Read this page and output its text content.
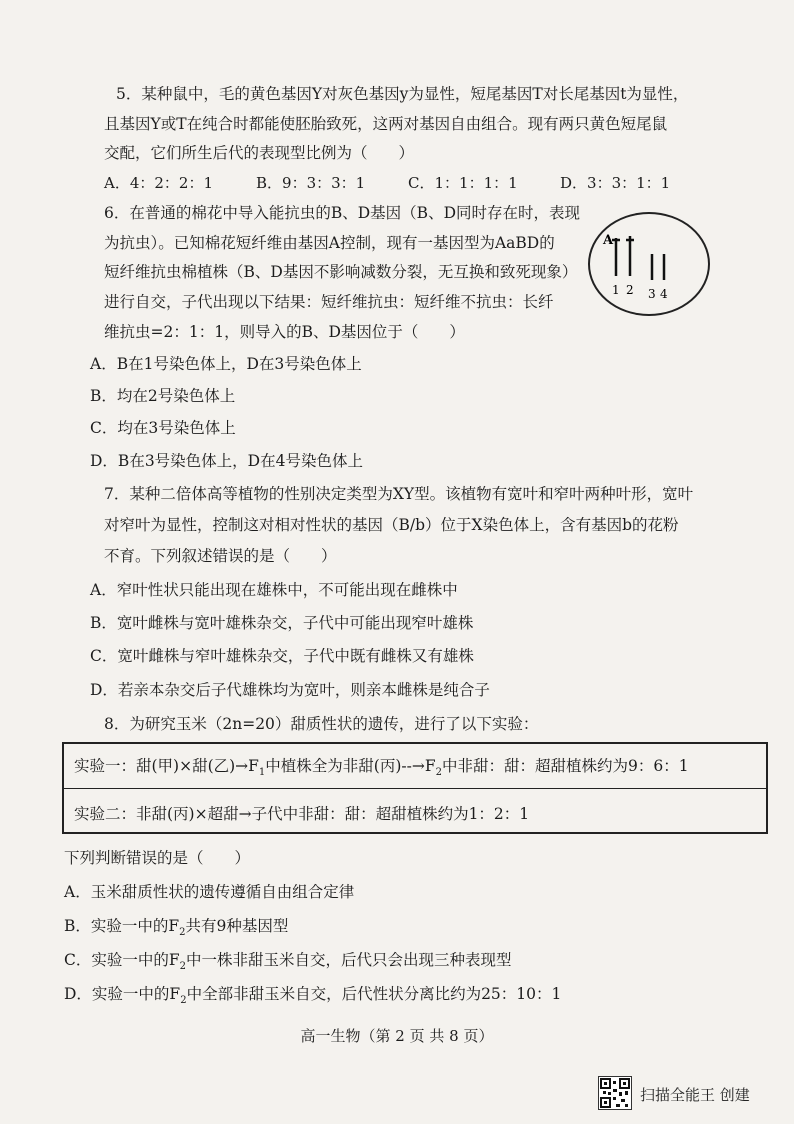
5．某种鼠中，毛的黄色基因Y对灰色基因y为显性，短尾基因T对长尾基因t为显性，
且基因Y或T在纯合时都能使胚胎致死，这两对基因自由组合。现有两只黄色短尾鼠
交配，它们所生后代的表现型比例为（　　）
A．4：2：2：1	B．9：3：3：1	C．1：1：1：1	D．3：3：1：1
6．在普通的棉花中导入能抗虫的B、D基因（B、D同时存在时，表现
为抗虫）。已知棉花短纤维由基因A控制，现有一基因型为AaBD的
短纤维抗虫棉植株（B、D基因不影响减数分裂，无互换和致死现象）
进行自交，子代出现以下结果：短纤维抗虫：短纤维不抗虫：长纤
维抗虫=2：1：1，则导入的B、D基因位于（　　）
A
1 2 3 4
A．B在1号染色体上，D在3号染色体上
B．均在2号染色体上
C．均在3号染色体上
D．B在3号染色体上，D在4号染色体上
7．某种二倍体高等植物的性别决定类型为XY型。该植物有宽叶和窄叶两种叶形，宽叶
对窄叶为显性，控制这对相对性状的基因（B/b）位于X染色体上，含有基因b的花粉
不育。下列叙述错误的是（　　）
A．窄叶性状只能出现在雄株中，不可能出现在雌株中
B．宽叶雌株与宽叶雄株杂交，子代中可能出现窄叶雄株
C．宽叶雌株与窄叶雄株杂交，子代中既有雌株又有雄株
D．若亲本杂交后子代雄株均为宽叶，则亲本雌株是纯合子
8．为研究玉米（2n=20）甜质性状的遗传，进行了以下实验：
实验一：甜(甲)×甜(乙)$\to F_1$中植株全为非甜(丙)$--\to F_2$中非甜：甜：超甜植株约为9：6：1
实验二：非甜(丙)×超甜→子代中非甜：甜：超甜植株约为1：2：1
下列判断错误的是（　　）
A．玉米甜质性状的遗传遵循自由组合定律
B．实验一中的$F_2$共有9种基因型
C．实验一中的$F_2$中一株非甜玉米自交，后代只会出现三种表现型
D．实验一中的$F_2$中全部非甜玉米自交，后代性状分离比约为25：10：1
高一生物（第 2 页 共 8 页）
扫描全能王 创建
